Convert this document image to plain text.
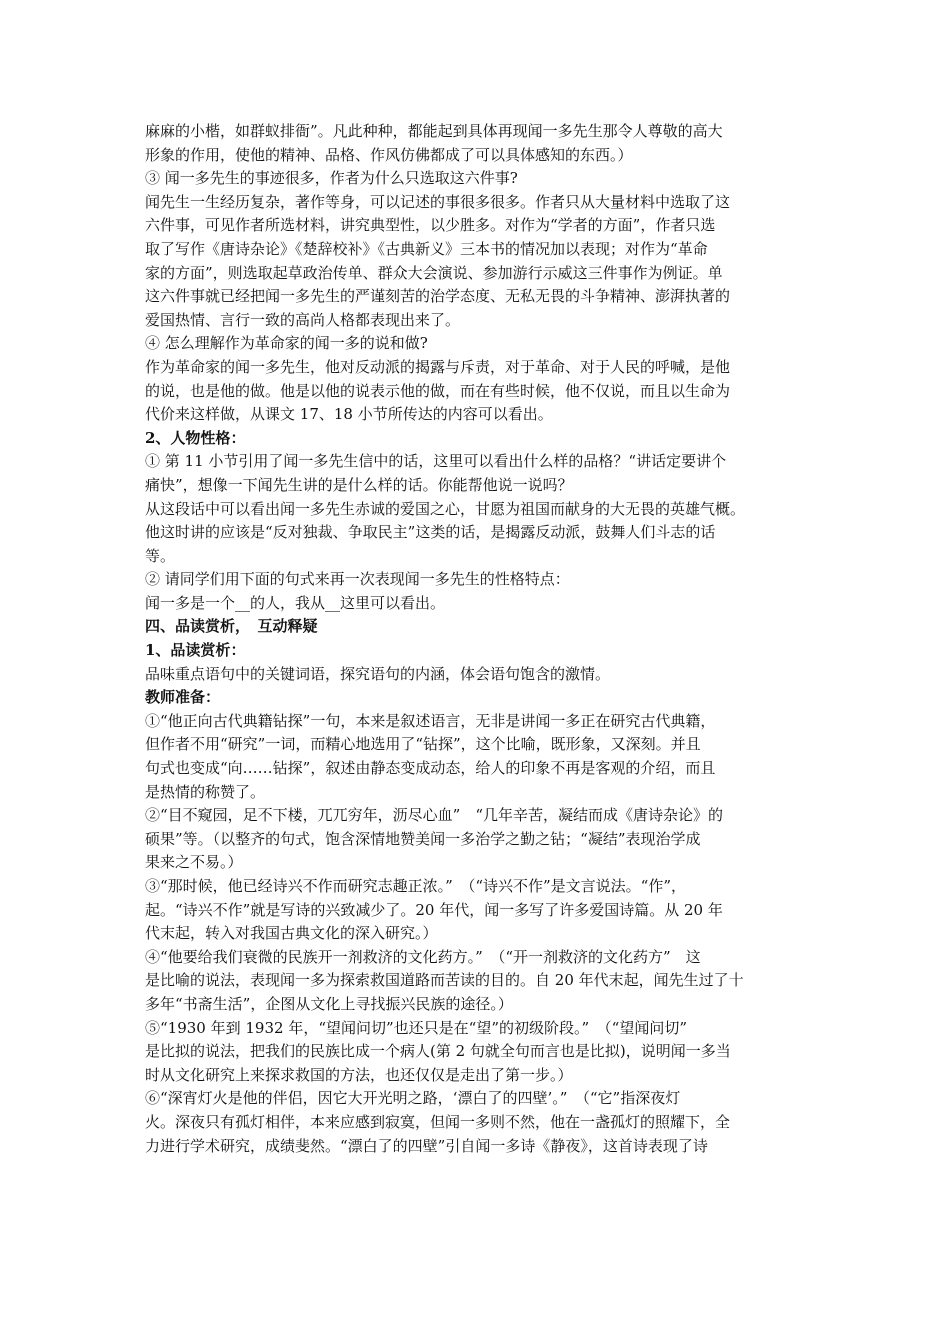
麻麻的小楷，如群蚁排衙”。凡此种种，都能起到具体再现闻一多先生那令人尊敬的高大

形象的作用，使他的精神、品格、作风仿佛都成了可以具体感知的东西。）

③ 闻一多先生的事迹很多，作者为什么只选取这六件事?

闻先生一生经历复杂，著作等身，可以记述的事很多很多。作者只从大量材料中选取了这

六件事，可见作者所选材料，讲究典型性，以少胜多。对作为“学者的方面”，作者只选

取了写作《唐诗杂论》《楚辞校补》《古典新义》三本书的情况加以表现；对作为“革命

家的方面”，则选取起草政治传单、群众大会演说、参加游行示威这三件事作为例证。单

这六件事就已经把闻一多先生的严谨刻苦的治学态度、无私无畏的斗争精神、澎湃执著的

爱国热情、言行一致的高尚人格都表现出来了。

④ 怎么理解作为革命家的闻一多的说和做?

作为革命家的闻一多先生，他对反动派的揭露与斥责，对于革命、对于人民的呼喊，是他

的说，也是他的做。他是以他的说表示他的做，而在有些时候，他不仅说，而且以生命为

代价来这样做，从课文 17、18 小节所传达的内容可以看出。

2、人物性格：

① 第 11 小节引用了闻一多先生信中的话，这里可以看出什么样的品格？“讲话定要讲个

痛快”，想像一下闻先生讲的是什么样的话。你能帮他说一说吗？

从这段话中可以看出闻一多先生赤诚的爱国之心，甘愿为祖国而献身的大无畏的英雄气概。

他这时讲的应该是“反对独裁、争取民主”这类的话，是揭露反动派，鼓舞人们斗志的话

等。

② 请同学们用下面的句式来再一次表现闻一多先生的性格特点：

闻一多是一个__的人，我从__这里可以看出。

四、品读赏析，　互动释疑

1、品读赏析：

品味重点语句中的关键词语，探究语句的内涵，体会语句饱含的激情。

教师准备：

①“他正向古代典籍钻探”一句，本来是叙述语言，无非是讲闻一多正在研究古代典籍，

但作者不用“研究”一词，而精心地选用了“钻探”，这个比喻，既形象，又深刻。并且

句式也变成“向……钻探”，叙述由静态变成动态，给人的印象不再是客观的介绍，而且

是热情的称赞了。

②“目不窥园，足不下楼，兀兀穷年，沥尽心血”　“几年辛苦，凝结而成《唐诗杂论》的

硕果”等。（以整齐的句式，饱含深情地赞美闻一多治学之勤之钻；“凝结”表现治学成

果来之不易。）

③“那时候，他已经诗兴不作而研究志趣正浓。”　（“诗兴不作”是文言说法。“作”，

起。“诗兴不作”就是写诗的兴致减少了。20 年代，闻一多写了许多爱国诗篇。从 20 年

代末起，转入对我国古典文化的深入研究。）

④“他要给我们衰微的民族开一剂救济的文化药方。”　（“开一剂救济的文化药方”　这

是比喻的说法，表现闻一多为探索救国道路而苦读的目的。自 20 年代末起，闻先生过了十

多年“书斋生活”，企图从文化上寻找振兴民族的途径。）

⑤“1930 年到 1932 年，“望闻问切”也还只是在“望”的初级阶段。”　（“望闻问切”

是比拟的说法，把我们的民族比成一个病人(第 2 句就全句而言也是比拟)，说明闻一多当

时从文化研究上来探求救国的方法，也还仅仅是走出了第一步。）

⑥“深宵灯火是他的伴侣，因它大开光明之路，‘漂白了的四壁’。”　（“它”指深夜灯

火。深夜只有孤灯相伴，本来应感到寂寞，但闻一多则不然，他在一盏孤灯的照耀下，全

力进行学术研究，成绩斐然。“漂白了的四壁”引自闻一多诗《静夜》，这首诗表现了诗
